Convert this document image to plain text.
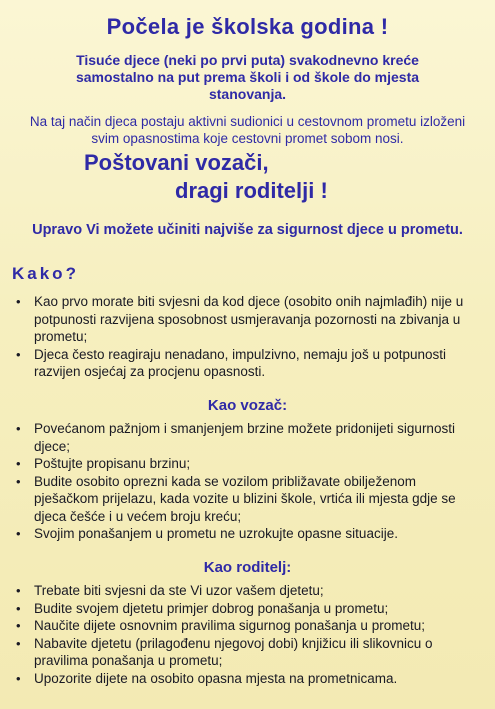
Počela je školska godina !
Tisuće djece (neki po prvi puta) svakodnevno kreće samostalno na put prema školi i od škole do mjesta stanovanja.
Na taj način djeca postaju aktivni sudionici u cestovnom prometu izloženi svim opasnostima koje cestovni promet sobom nosi.
Poštovani vozači,
dragi roditelji !
Upravo Vi možete učiniti najviše za sigurnost djece u prometu.
Kako?
• Kao prvo morate biti svjesni da kod djece (osobito onih najmlađih) nije u potpunosti razvijena sposobnost usmjeravanja pozornosti na zbivanja u prometu;
• Djeca često reagiraju nenadano, impulzivno, nemaju još u potpunosti razvijen osjećaj za procjenu opasnosti.
Kao vozač:
• Povećanom pažnjom i smanjenjem brzine možete pridonijeti sigurnosti djece;
• Poštujte propisanu brzinu;
• Budite osobito oprezni kada se vozilom približavate obilježenom pješačkom prijelazu, kada vozite u blizini škole, vrtića ili mjesta gdje se djeca češće i u većem broju kreću;
• Svojim ponašanjem u prometu ne uzrokujte opasne situacije.
Kao roditelj:
• Trebate biti svjesni da ste Vi uzor vašem djetetu;
• Budite svojem djetetu primjer dobrog ponašanja u prometu;
• Naučite dijete osnovnim pravilima sigurnog ponašanja u prometu;
• Nabavite djetetu (prilagođenu njegovoj dobi) knjižicu ili slikovnicu o pravilima ponašanja u prometu;
• Upozorite dijete na osobito opasna mjesta na prometnicama.
